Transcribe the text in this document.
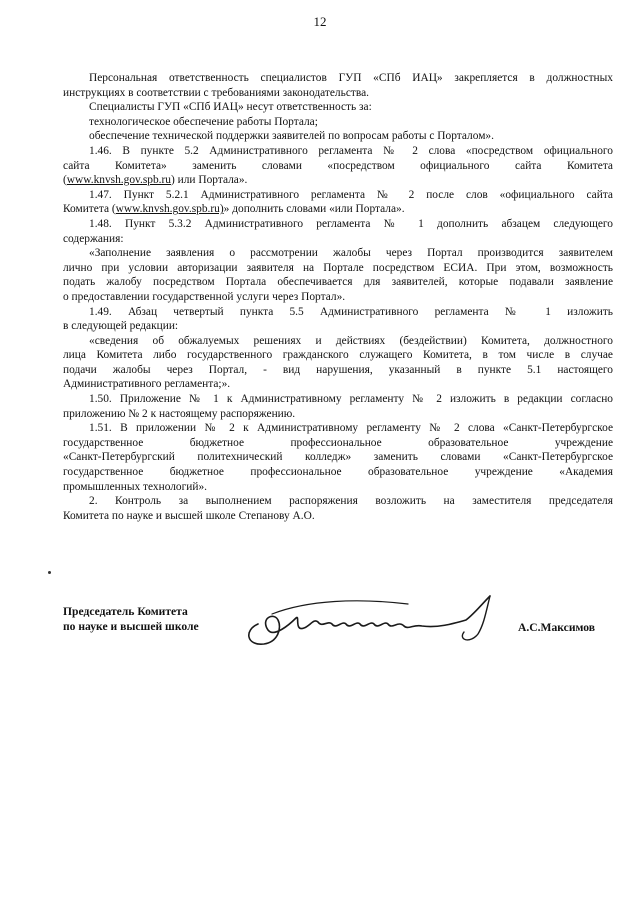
12

Персональная ответственность специалистов ГУП «СПб ИАЦ» закрепляется в должностных

инструкциях в соответствии с требованиями законодательства.

Специалисты ГУП «СПб ИАЦ» несут ответственность за:

технологическое обеспечение работы Портала;

обеспечение технической поддержки заявителей по вопросам работы с Порталом».

1.46. В пункте 5.2 Административного регламента № 2 слова «посредством официального

сайта Комитета» заменить словами «посредством официального сайта Комитета

(www.knvsh.gov.spb.ru) или Портала».

1.47. Пункт 5.2.1 Административного регламента № 2 после слов «официального сайта

Комитета (www.knvsh.gov.spb.ru)» дополнить словами «или Портала».

1.48. Пункт 5.3.2 Административного регламента № 1 дополнить абзацем следующего

содержания:

«Заполнение заявления о рассмотрении жалобы через Портал производится заявителем

лично при условии авторизации заявителя на Портале посредством ЕСИА. При этом, возможность

подать жалобу посредством Портала обеспечивается для заявителей, которые подавали заявление

о предоставлении государственной услуги через Портал».

1.49. Абзац четвертый пункта 5.5 Административного регламента № 1 изложить

в следующей редакции:

«сведения об обжалуемых решениях и действиях (бездействии) Комитета, должностного

лица Комитета либо государственного гражданского служащего Комитета, в том числе в случае

подачи жалобы через Портал, - вид нарушения, указанный в пункте 5.1 настоящего

Административного регламента;».

1.50. Приложение № 1 к Административному регламенту № 2 изложить в редакции согласно

приложению № 2 к настоящему распоряжению.

1.51. В приложении № 2 к Административному регламенту № 2 слова «Санкт-Петербургское

государственное бюджетное профессиональное образовательное учреждение

«Санкт-Петербургский политехнический колледж» заменить словами «Санкт-Петербургское

государственное бюджетное профессиональное образовательное учреждение «Академия

промышленных технологий».

2. Контроль за выполнением распоряжения возложить на заместителя председателя

Комитета по науке и высшей школе Степанову А.О.

Председатель Комитета
по науке и высшей школе	А.С.Максимов
